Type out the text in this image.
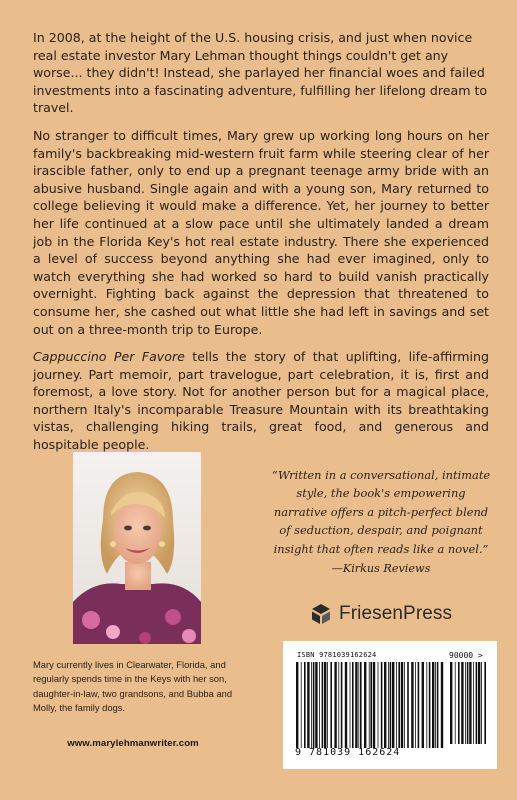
In 2008, at the height of the U.S. housing crisis, and just when novice real estate investor Mary Lehman thought things couldn't get any worse... they didn't! Instead, she parlayed her financial woes and failed investments into a fascinating adventure, fulfilling her lifelong dream to travel.

No stranger to difficult times, Mary grew up working long hours on her family's backbreaking mid-western fruit farm while steering clear of her irascible father, only to end up a pregnant teenage army bride with an abusive husband. Single again and with a young son, Mary returned to college believing it would make a difference. Yet, her journey to better her life continued at a slow pace until she ultimately landed a dream job in the Florida Key's hot real estate industry. There she experienced a level of success beyond anything she had ever imagined, only to watch everything she had worked so hard to build vanish practically overnight. Fighting back against the depression that threatened to consume her, she cashed out what little she had left in savings and set out on a three-month trip to Europe.

Cappuccino Per Favore tells the story of that uplifting, life-affirming journey. Part memoir, part travelogue, part celebration, it is, first and foremost, a love story. Not for another person but for a magical place, northern Italy's incomparable Treasure Mountain with its breathtaking vistas, challenging hiking trails, great food, and generous and hospitable people.

Mary currently lives in Clearwater, Florida, and regularly spends time in the Keys with her son, daughter-in-law, two grandsons, and Bubba and Molly, the family dogs.
www.marylehmanwriter.com
“Written in a conversational, intimate style, the book's empowering narrative offers a pitch-perfect blend of seduction, despair, and poignant insight that often reads like a novel.”
—Kirkus Reviews
FriesenPress
ISBN 9781039162624	90000 >
9 781039 162624
